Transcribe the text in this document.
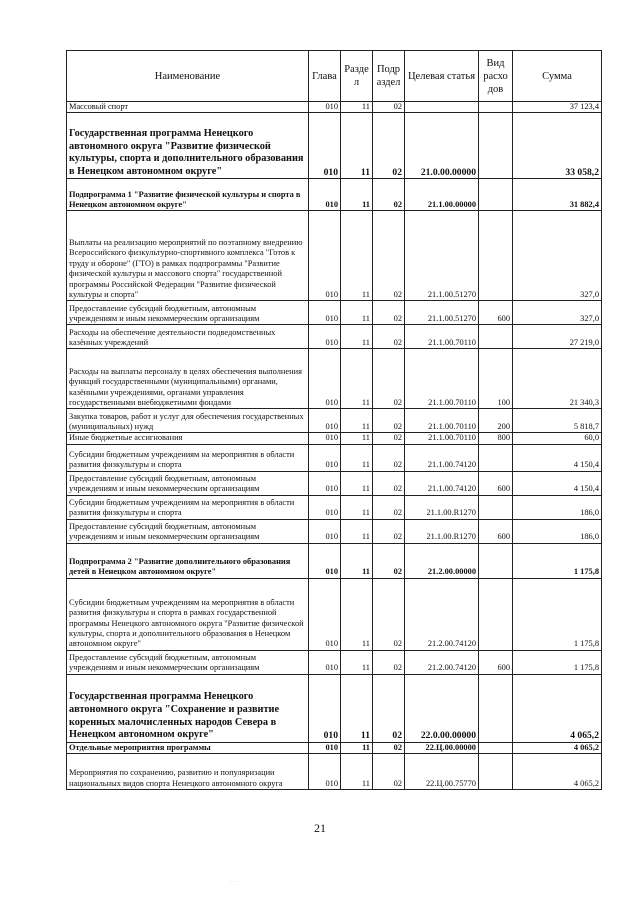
Наименование	Глава	Разде л	Подр аздел	Целевая статья	Вид расхо дов	Сумма
Массовый спорт	010	11	02			37 123,4
Государственная программа Ненецкого автономного округа "Развитие физической культуры, спорта и дополнительного образования в Ненецком автономном округе"	010	11	02	21.0.00.00000		33 058,2
Подпрограмма 1 "Развитие физической культуры и спорта в Ненецком автономном округе"	010	11	02	21.1.00.00000		31 882,4
Выплаты на реализацию мероприятий по поэтапному внедрению Всероссийского физкультурно-спортивного комплекса "Готов к труду и обороне" (ГТО) в рамках подпрограммы "Развитие физической культуры и массового спорта" государственной программы Российской Федерации "Развитие физической культуры и спорта"	010	11	02	21.1.00.51270		327,0
Предоставление субсидий бюджетным, автономным учреждениям и иным некоммерческим организациям	010	11	02	21.1.00.51270	600	327,0
Расходы на обеспечение деятельности подведомственных казённых учреждений	010	11	02	21.1.00.70110		27 219,0
Расходы на выплаты персоналу в целях обеспечения выполнения функций государственными (муниципальными) органами, казёнными учреждениями, органами управления государственными внебюджетными фондами	010	11	02	21.1.00.70110	100	21 340,3
Закупка товаров, работ и услуг для обеспечения государственных (муниципальных) нужд	010	11	02	21.1.00.70110	200	5 818,7
Иные бюджетные ассигнования	010	11	02	21.1.00.70110	800	60,0
Субсидии бюджетным учреждениям на мероприятия в области развития физкультуры и спорта	010	11	02	21.1.00.74120		4 150,4
Предоставление субсидий бюджетным, автономным учреждениям и иным некоммерческим организациям	010	11	02	21.1.00.74120	600	4 150,4
Субсидии бюджетным учреждениям на мероприятия в области развития физкультуры и спорта	010	11	02	21.1.00.R1270		186,0
Предоставление субсидий бюджетным, автономным учреждениям и иным некоммерческим организациям	010	11	02	21.1.00.R1270	600	186,0
Подпрограмма 2 "Развитие дополнительного образования детей в Ненецком автономном округе"	010	11	02	21.2.00.00000		1 175,8
Субсидии бюджетным учреждениям на мероприятия в области развития физкультуры и спорта в рамках государственной программы Ненецкого автономного округа "Развитие физической культуры, спорта и дополнительного образования в Ненецком автономном округе"	010	11	02	21.2.00.74120		1 175,8
Предоставление субсидий бюджетным, автономным учреждениям и иным некоммерческим организациям	010	11	02	21.2.00.74120	600	1 175,8
Государственная программа Ненецкого автономного округа "Сохранение и развитие коренных малочисленных народов Севера в Ненецком автономном округе"	010	11	02	22.0.00.00000		4 065,2
Отдельные мероприятия программы	010	11	02	22.Ц.00.00000		4 065,2
Мероприятия по сохранению, развитию и популяризации национальных видов спорта Ненецкого автономного округа	010	11	02	22.Ц.00.75770		4 065,2
21
· · ·
